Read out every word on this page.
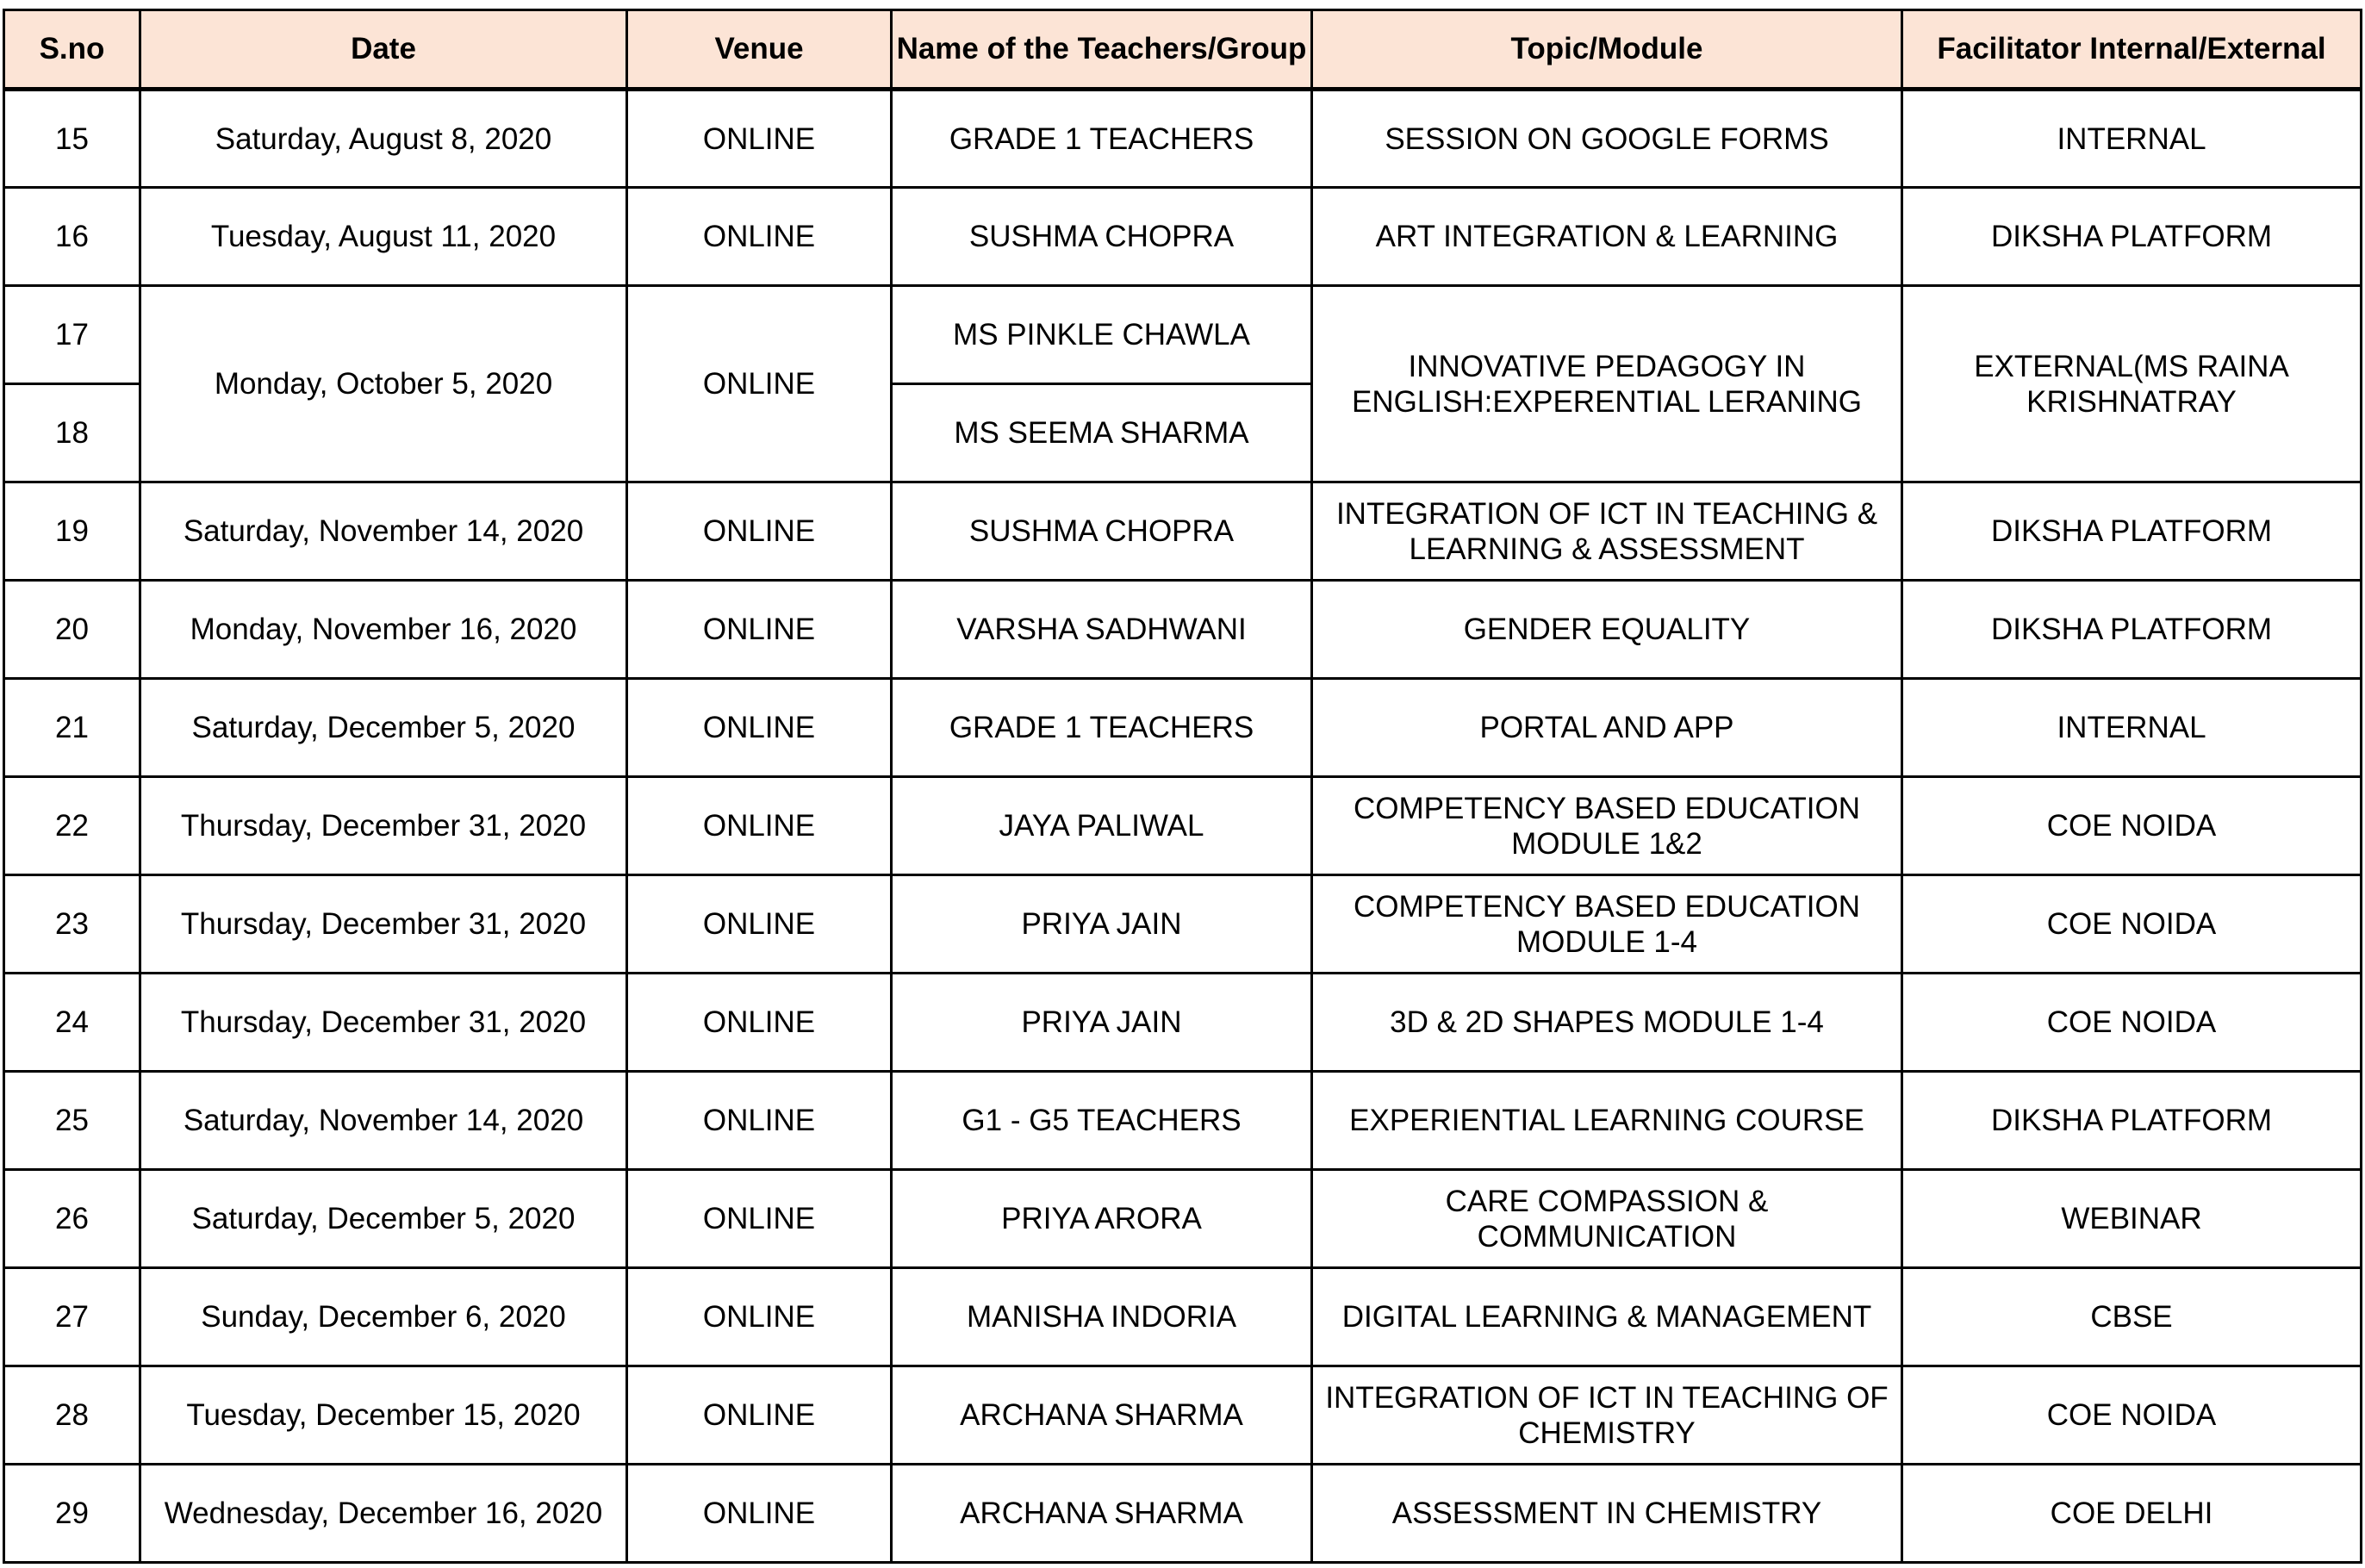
S.no	Date	Venue	Name of the Teachers/Group	Topic/Module	Facilitator Internal/External
15	Saturday, August 8, 2020	ONLINE	GRADE 1 TEACHERS	SESSION ON GOOGLE FORMS	INTERNAL
16	Tuesday, August 11, 2020	ONLINE	SUSHMA CHOPRA	ART INTEGRATION & LEARNING	DIKSHA PLATFORM
17	Monday, October 5, 2020	ONLINE	MS PINKLE CHAWLA	INNOVATIVE PEDAGOGY IN ENGLISH:EXPERENTIAL LERANING	EXTERNAL(MS RAINA KRISHNATRAY
18			MS SEEMA SHARMA		
19	Saturday, November 14, 2020	ONLINE	SUSHMA CHOPRA	INTEGRATION OF ICT IN TEACHING & LEARNING & ASSESSMENT	DIKSHA PLATFORM
20	Monday, November 16, 2020	ONLINE	VARSHA SADHWANI	GENDER EQUALITY	DIKSHA PLATFORM
21	Saturday, December 5, 2020	ONLINE	GRADE 1 TEACHERS	PORTAL AND APP	INTERNAL
22	Thursday, December 31, 2020	ONLINE	JAYA PALIWAL	COMPETENCY BASED EDUCATION MODULE 1&2	COE NOIDA
23	Thursday, December 31, 2020	ONLINE	PRIYA JAIN	COMPETENCY BASED EDUCATION MODULE 1-4	COE NOIDA
24	Thursday, December 31, 2020	ONLINE	PRIYA JAIN	3D & 2D SHAPES MODULE 1-4	COE NOIDA
25	Saturday, November 14, 2020	ONLINE	G1 - G5 TEACHERS	EXPERIENTIAL LEARNING COURSE	DIKSHA PLATFORM
26	Saturday, December 5, 2020	ONLINE	PRIYA ARORA	CARE COMPASSION & COMMUNICATION	WEBINAR
27	Sunday, December 6, 2020	ONLINE	MANISHA INDORIA	DIGITAL LEARNING & MANAGEMENT	CBSE
28	Tuesday, December 15, 2020	ONLINE	ARCHANA SHARMA	INTEGRATION OF ICT IN TEACHING OF CHEMISTRY	COE NOIDA
29	Wednesday, December 16, 2020	ONLINE	ARCHANA SHARMA	ASSESSMENT IN CHEMISTRY	COE DELHI
